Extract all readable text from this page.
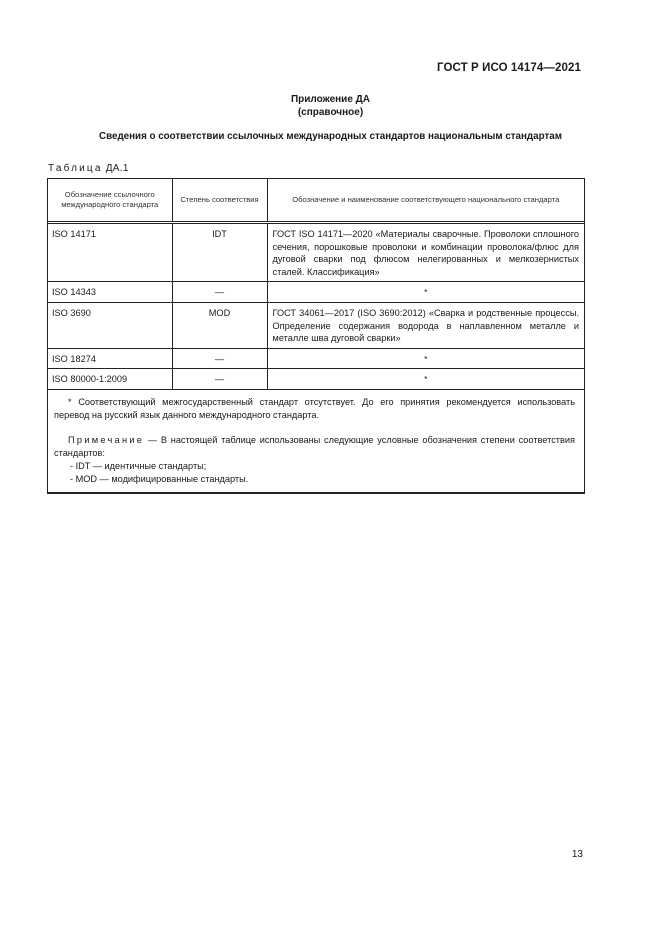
ГОСТ Р ИСО 14174—2021
Приложение ДА
(справочное)
Сведения о соответствии ссылочных международных стандартов национальным стандартам
Таблица ДА.1
Обозначение ссылочного международного стандарта	Степень соответствия	Обозначение и наименование соответствующего национального стандарта
ISO 14171	IDT	ГОСТ ISO 14171—2020 «Материалы сварочные. Проволоки сплошного сечения, порошковые проволоки и комбинации проволока/флюс для дуговой сварки под флюсом нелегированных и мелкозернистых сталей. Классификация»
ISO 14343	—	*
ISO 3690	MOD	ГОСТ 34061—2017 (ISO 3690:2012) «Сварка и родственные процессы. Определение содержания водорода в наплавленном металле и металле шва дуговой сварки»
ISO 18274	—	*
ISO 80000-1:2009	—	*

* Соответствующий межгосударственный стандарт отсутствует. До его принятия рекомендуется использовать перевод на русский язык данного международного стандарта.

Примечание — В настоящей таблице использованы следующие условные обозначения степени соответствия стандартов:

- IDT — идентичные стандарты;

- MOD — модифицированные стандарты.		

13
